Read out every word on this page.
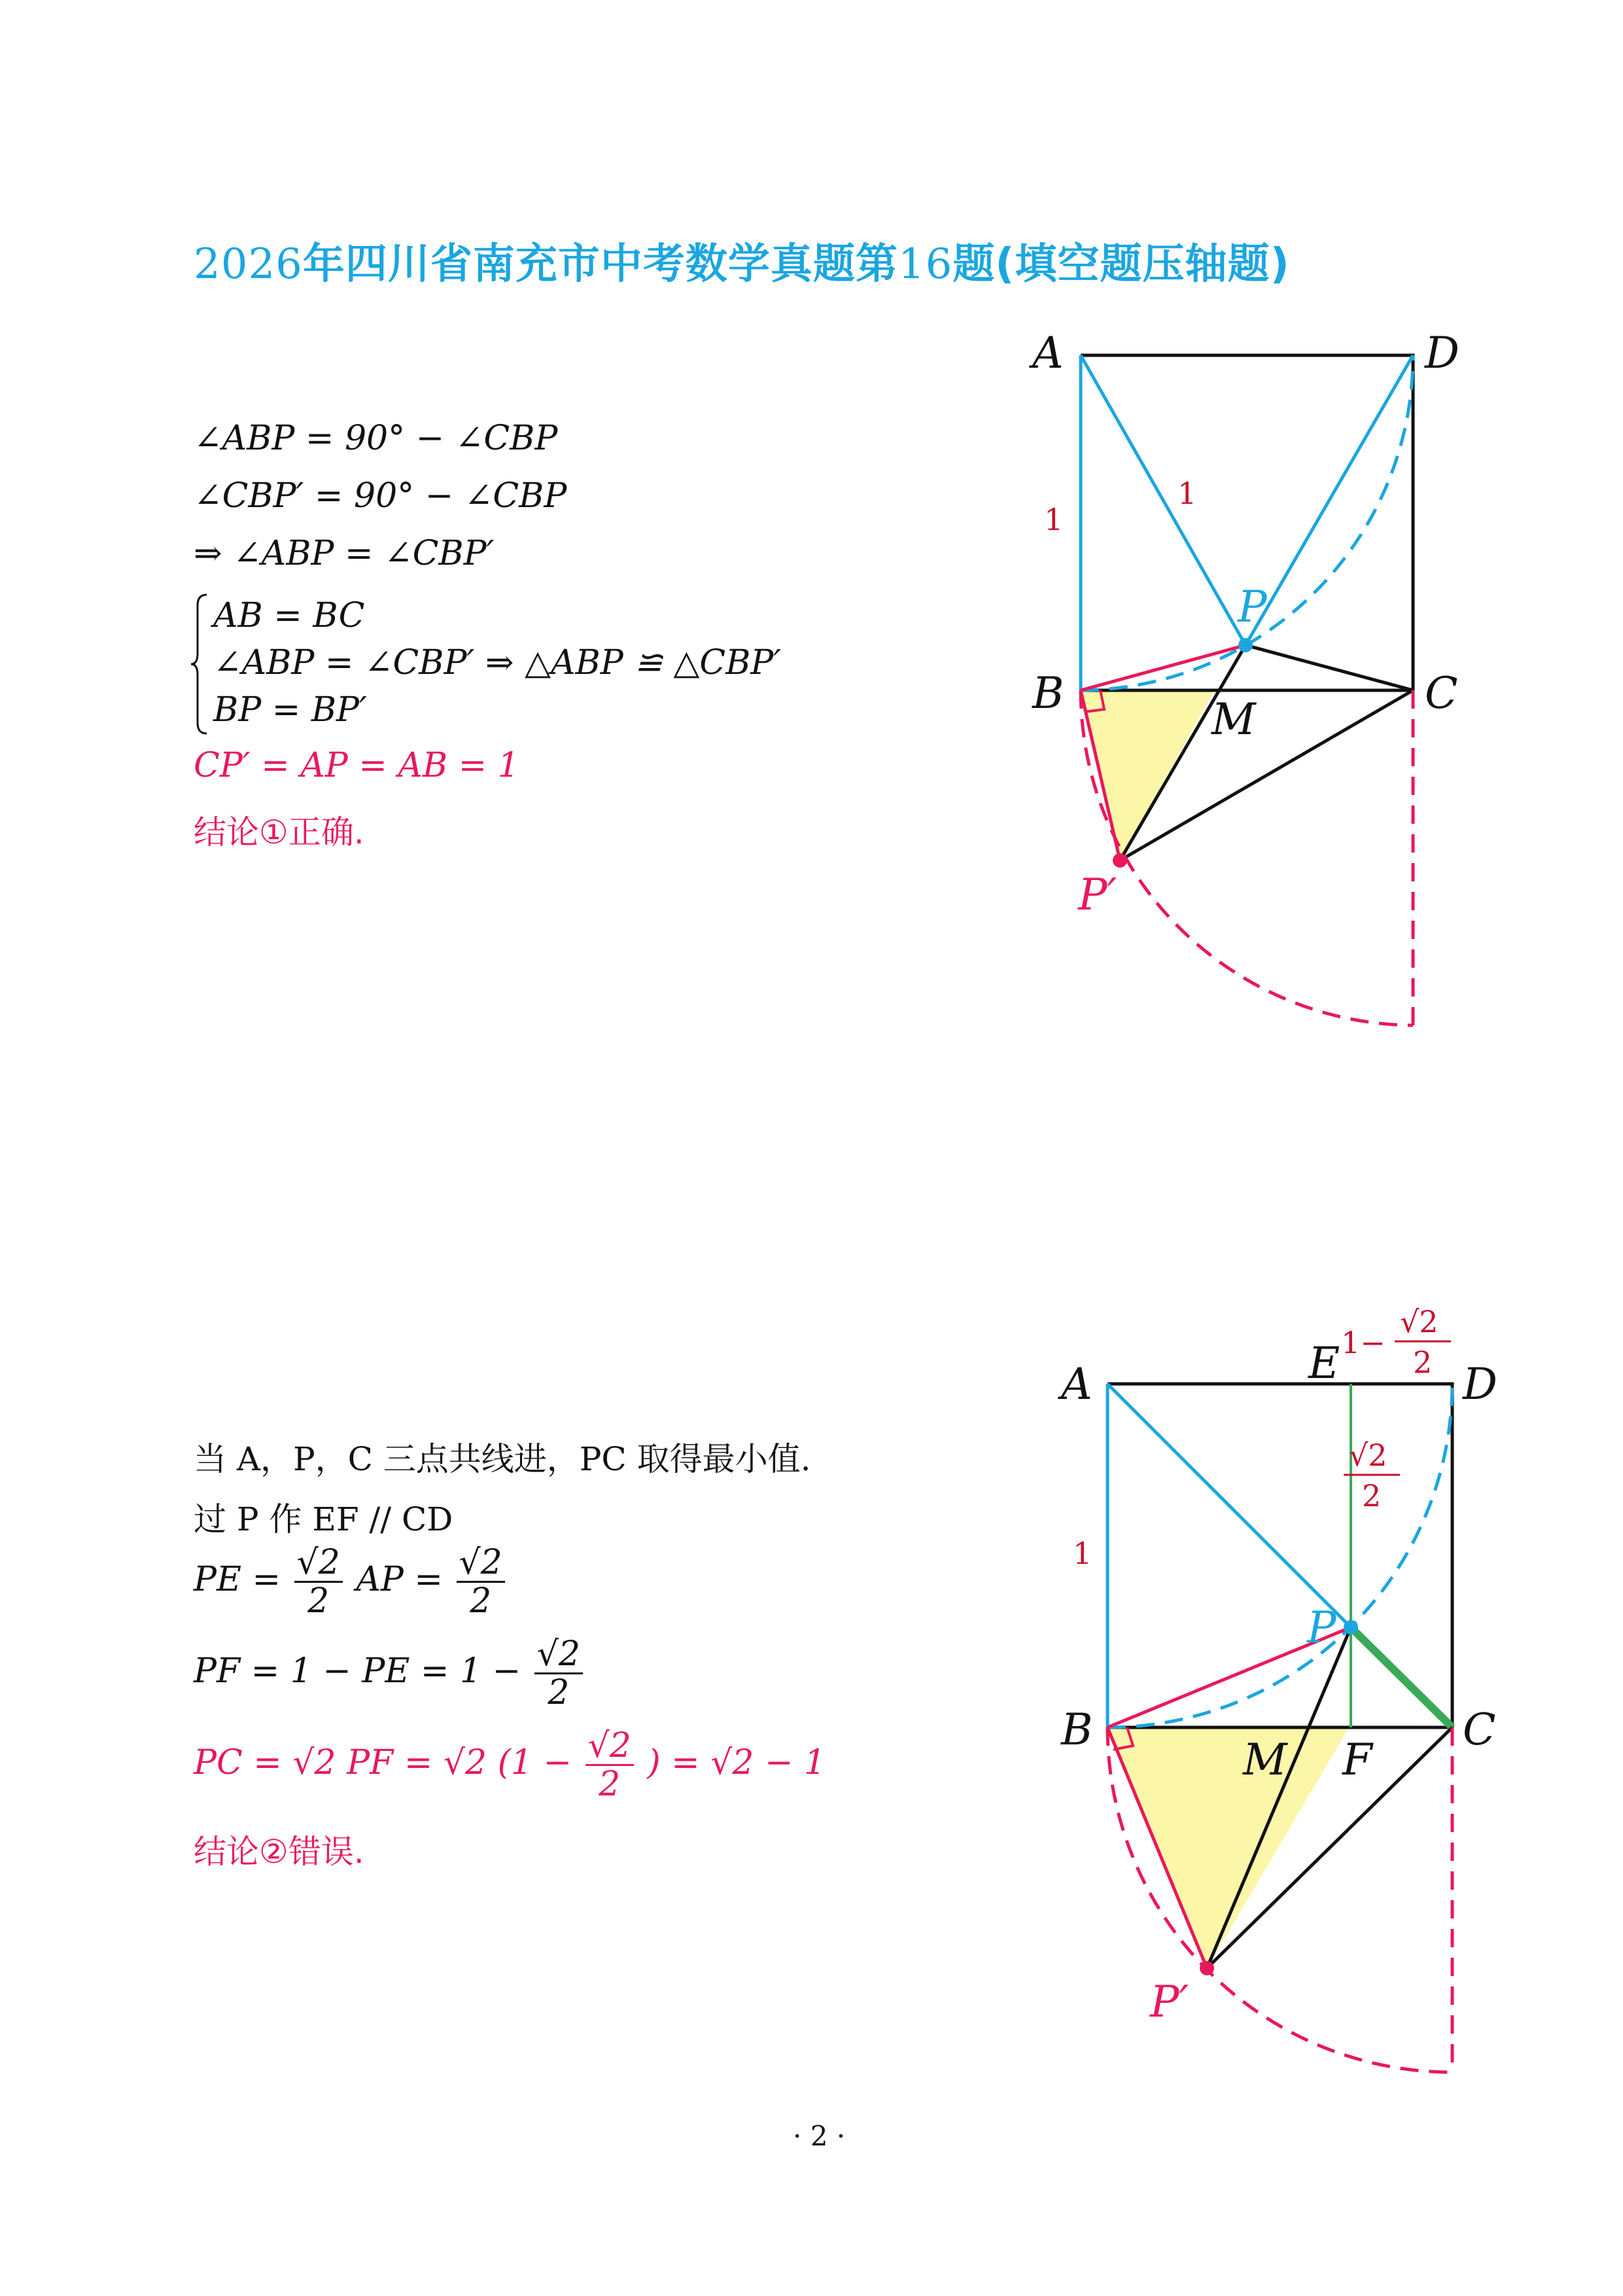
2026年四川省南充市中考数学真题第16题(填空题压轴题)
∠ABP = 90° − ∠CBP
∠CBP′ = 90° − ∠CBP
⇒ ∠ABP = ∠CBP′
AB = BC
∠ABP = ∠CBP′ ⇒ △ABP ≌ △CBP′
BP = BP′
CP′ = AP = AB = 1
结论①正确.
当 A，P，C 三点共线进，PC 取得最小值.
过 P 作 EF // CD
PE = $\frac{√2}{2}$ AP = $\frac{√2}{2}$
PF = 1 − PE = $1 - \frac{√2}{2}$
PC = √2 PF = √2 ($1 - \frac{√2}{2}$ ) = √2 − 1
结论②错误.
A	D
B	C
P
M
P′
1
1
A	D
B	C
E
P
M F
P′
1
1−
√2
2
√2
2
· 2 ·
